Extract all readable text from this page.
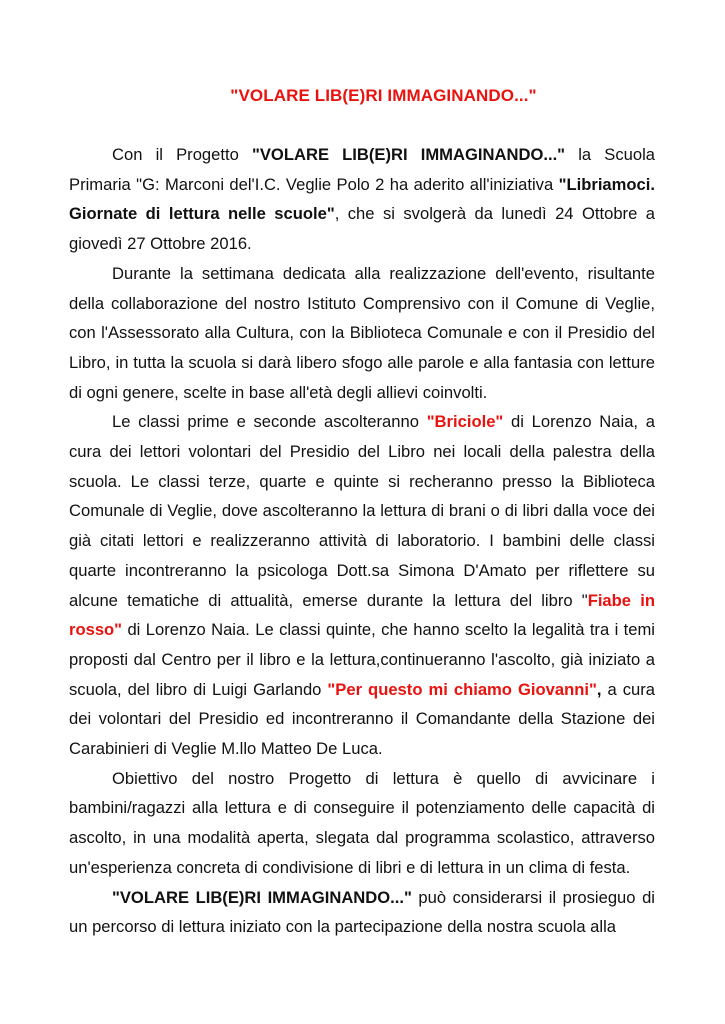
"VOLARE LIB(E)RI IMMAGINANDO..."

Con il Progetto "VOLARE LIB(E)RI IMMAGINANDO..." la Scuola Primaria "G: Marconi del'I.C. Veglie Polo 2 ha aderito all'iniziativa "Libriamoci. Giornate di lettura nelle scuole", che si svolgerà da lunedì 24 Ottobre a giovedì 27 Ottobre 2016.

Durante la settimana dedicata alla realizzazione dell'evento, risultante della collaborazione del nostro Istituto Comprensivo con il Comune di Veglie, con l'Assessorato alla Cultura, con la Biblioteca Comunale e con il Presidio del Libro, in tutta la scuola si darà libero sfogo alle parole e alla fantasia con letture di ogni genere, scelte in base all'età degli allievi coinvolti.

Le classi prime e seconde ascolteranno "Briciole" di Lorenzo Naia, a cura dei lettori volontari del Presidio del Libro nei locali della palestra della scuola. Le classi terze, quarte e quinte si recheranno presso la Biblioteca Comunale di Veglie, dove ascolteranno la lettura di brani o di libri dalla voce dei già citati lettori e realizzeranno attività di laboratorio. I bambini delle classi quarte incontreranno la psicologa Dott.sa Simona D'Amato per riflettere su alcune tematiche di attualità, emerse durante la lettura del libro "Fiabe in rosso" di Lorenzo Naia. Le classi quinte, che hanno scelto la legalità tra i temi proposti dal Centro per il libro e la lettura,continueranno l'ascolto, già iniziato a scuola, del libro di Luigi Garlando "Per questo mi chiamo Giovanni", a cura dei volontari del Presidio ed incontreranno il Comandante della Stazione dei Carabinieri di Veglie M.llo Matteo De Luca.

Obiettivo del nostro Progetto di lettura è quello di avvicinare i bambini/ragazzi alla lettura e di conseguire il potenziamento delle capacità di ascolto, in una modalità aperta, slegata dal programma scolastico, attraverso un'esperienza concreta di condivisione di libri e di lettura in un clima di festa.

"VOLARE LIB(E)RI IMMAGINANDO..." può considerarsi il prosieguo di un percorso di lettura iniziato con la partecipazione della nostra scuola alla
